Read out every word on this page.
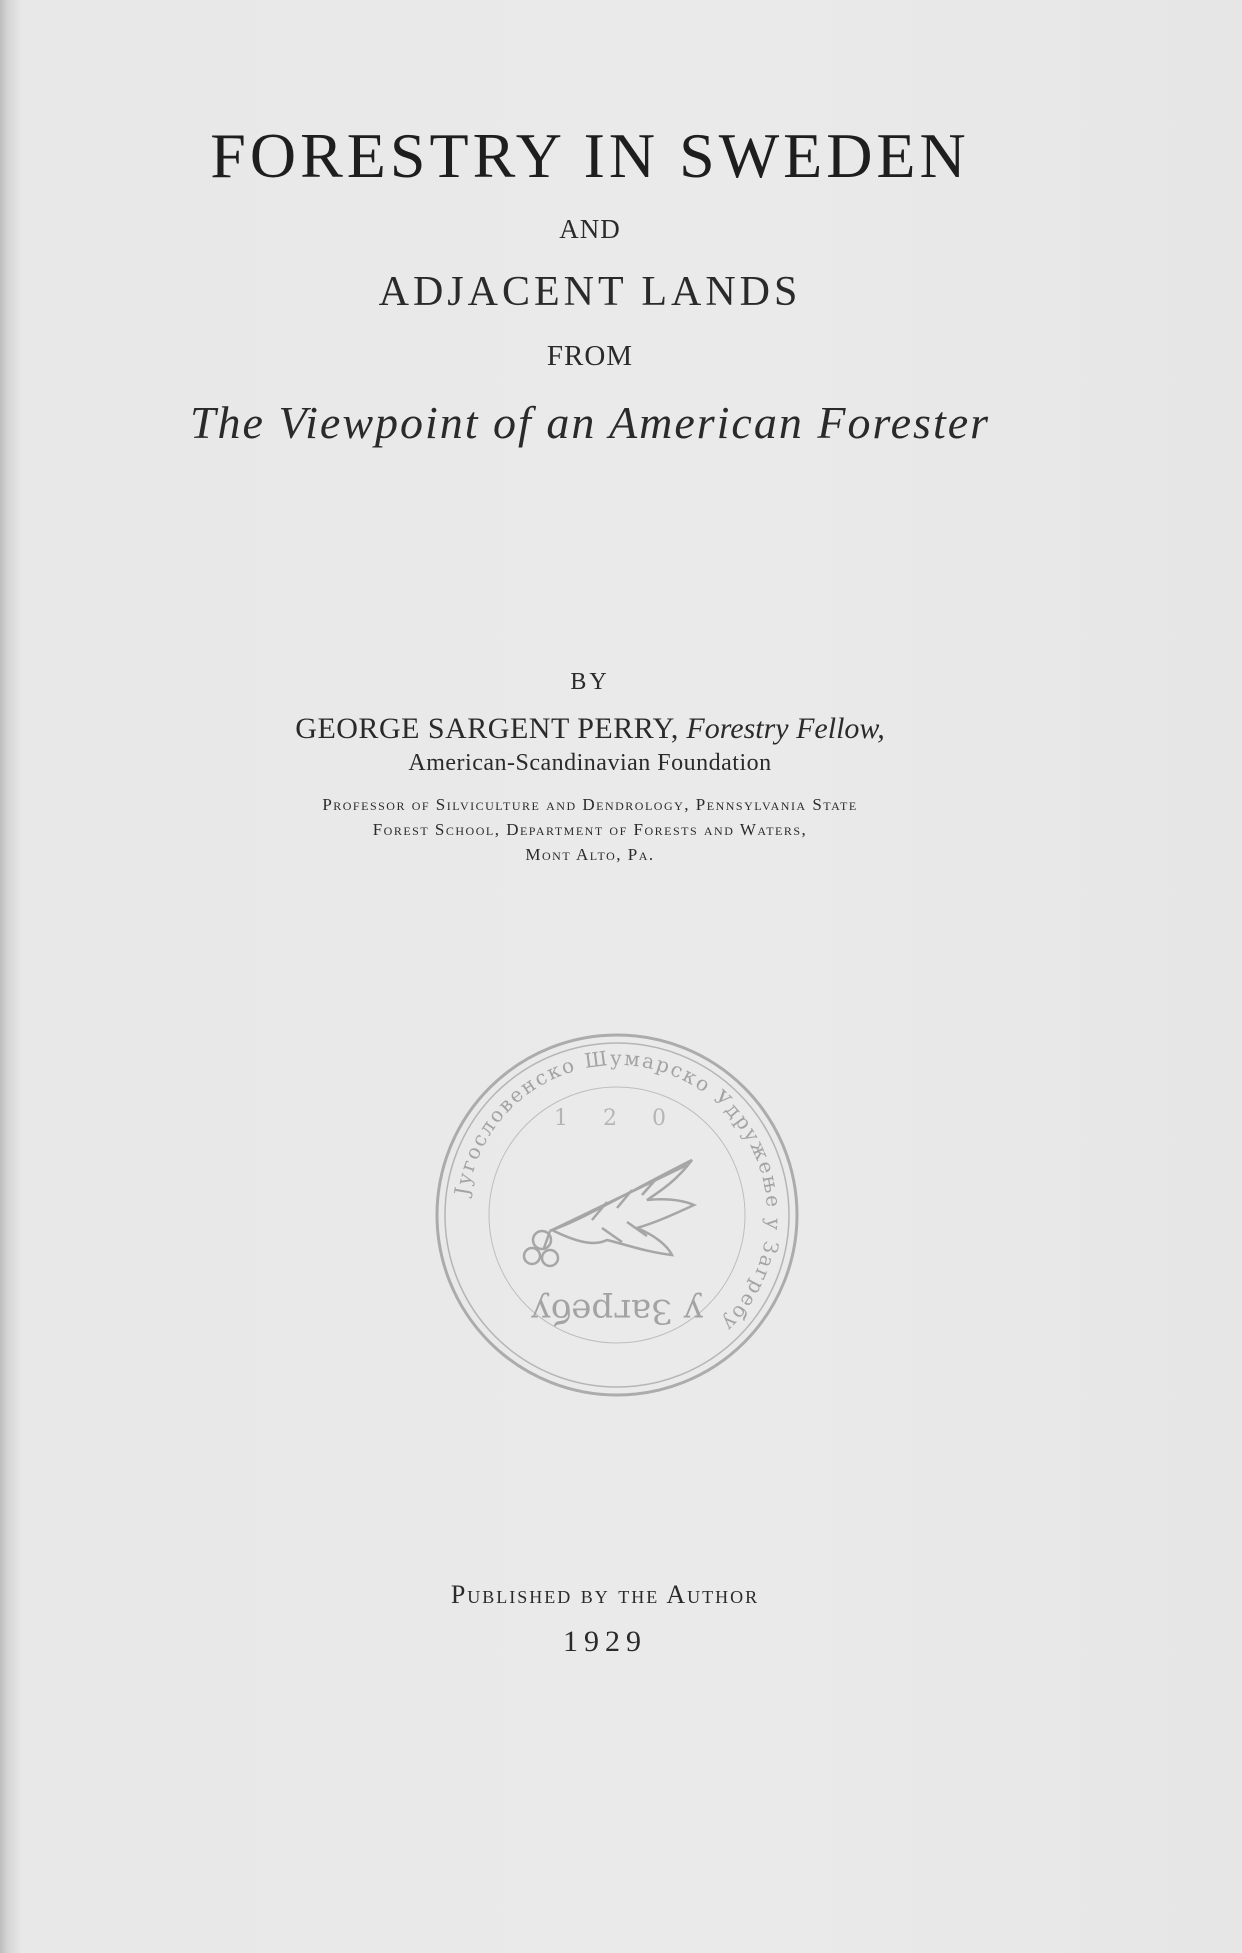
FORESTRY IN SWEDEN
AND
ADJACENT LANDS
FROM
The Viewpoint of an American Forester
BY
GEORGE SARGENT PERRY, Forestry Fellow,
American-Scandinavian Foundation
Professor of Silviculture and Dendrology, Pennsylvania State
Forest School, Department of Forests and Waters,
Mont Alto, Pa.
Југословенско Шумарско Удружење у Загребу
1 2 0
у Загребу
Published by the Author
1929
